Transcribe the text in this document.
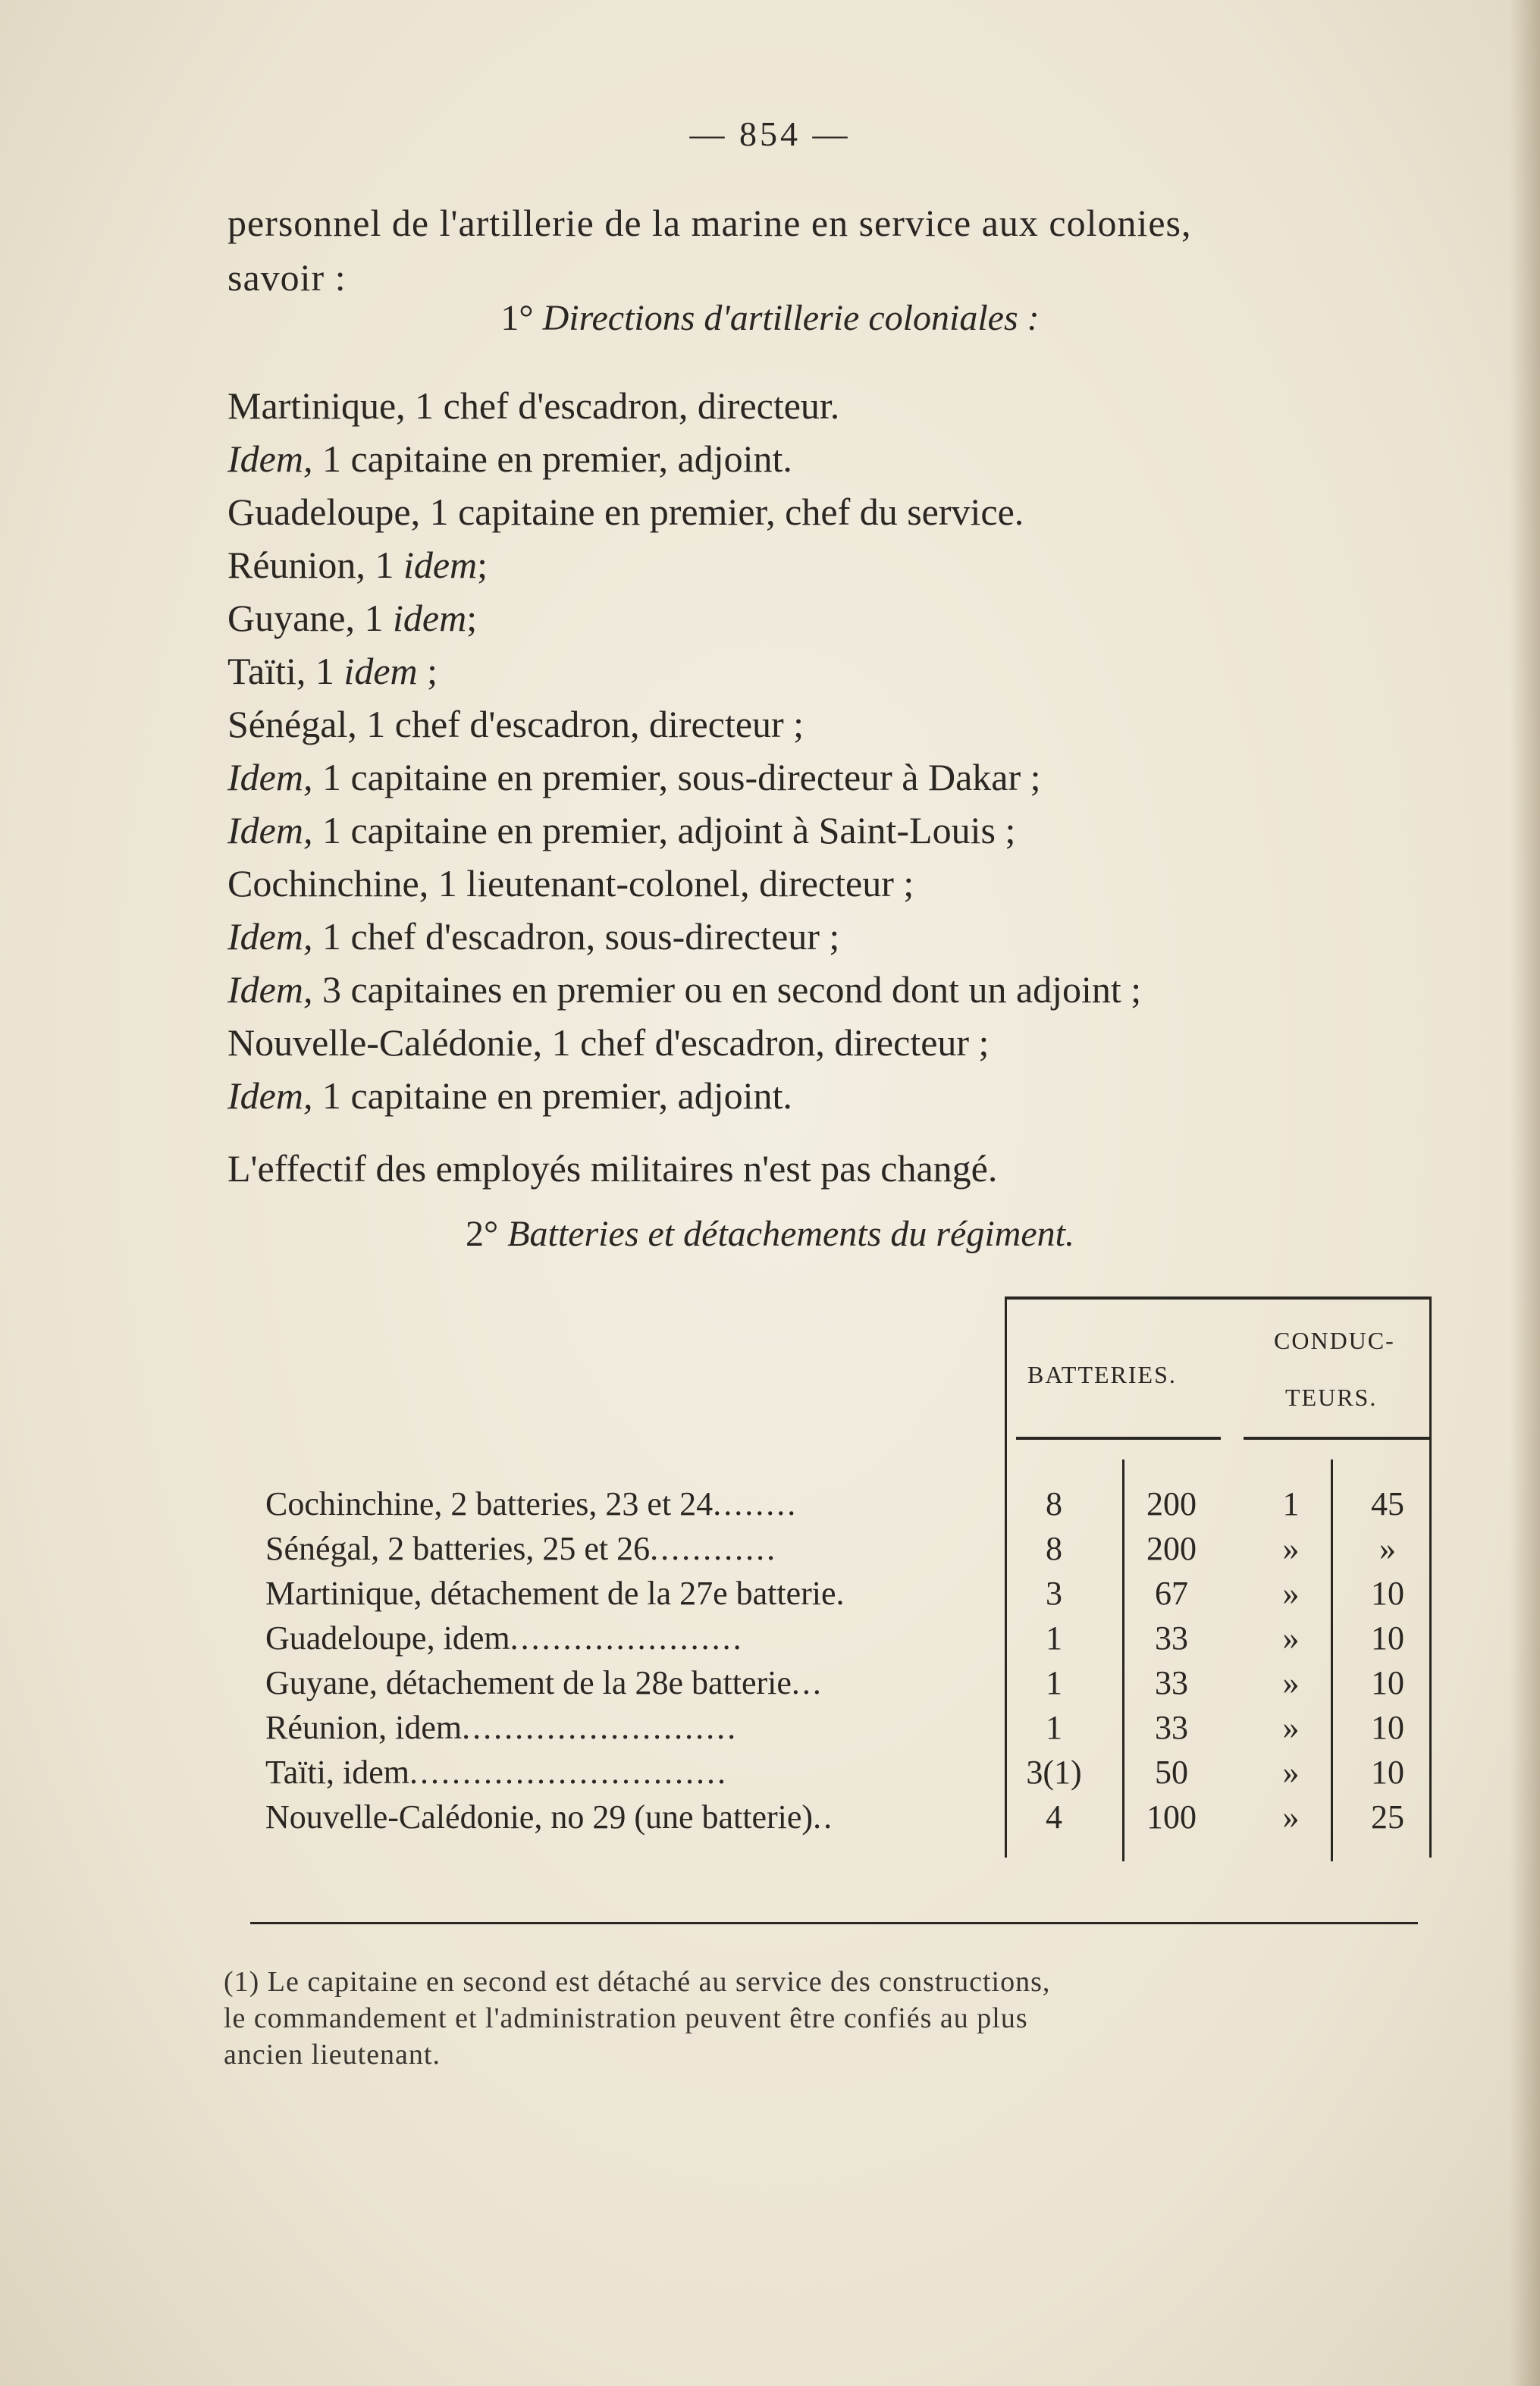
— 854 —
personnel de l'artillerie de la marine en service aux colonies,
savoir :
1° Directions d'artillerie coloniales :
Martinique, 1 chef d'escadron, directeur.
Idem, 1 capitaine en premier, adjoint.
Guadeloupe, 1 capitaine en premier, chef du service.
Réunion, 1 idem;
Guyane, 1 idem;
Taïti, 1 idem ;
Sénégal, 1 chef d'escadron, directeur ;
Idem, 1 capitaine en premier, sous-directeur à Dakar ;
Idem, 1 capitaine en premier, adjoint à Saint-Louis ;
Cochinchine, 1 lieutenant-colonel, directeur ;
Idem, 1 chef d'escadron, sous-directeur ;
Idem, 3 capitaines en premier ou en second dont un adjoint ;
Nouvelle-Calédonie, 1 chef d'escadron, directeur ;
Idem, 1 capitaine en premier, adjoint.
L'effectif des employés militaires n'est pas changé.
2° Batteries et détachements du régiment.
BATTERIES.
CONDUC-
TEURS.
Cochinchine, 2 batteries, 23 et 24........	8	200	1	45
Sénégal, 2 batteries, 25 et 26............	8	200	»	»
Martinique, détachement de la 27e batterie.	3	67	»	10
Guadeloupe, idem......................	1	33	»	10
Guyane, détachement de la 28e batterie...	1	33	»	10
Réunion, idem..........................	1	33	»	10
Taïti, idem..............................	3(1)	50	»	10
Nouvelle-Calédonie, no 29 (une batterie)..	4	100	»	25
(1) Le capitaine en second est détaché au service des constructions,
le commandement et l'administration peuvent être confiés au plus
ancien lieutenant.
